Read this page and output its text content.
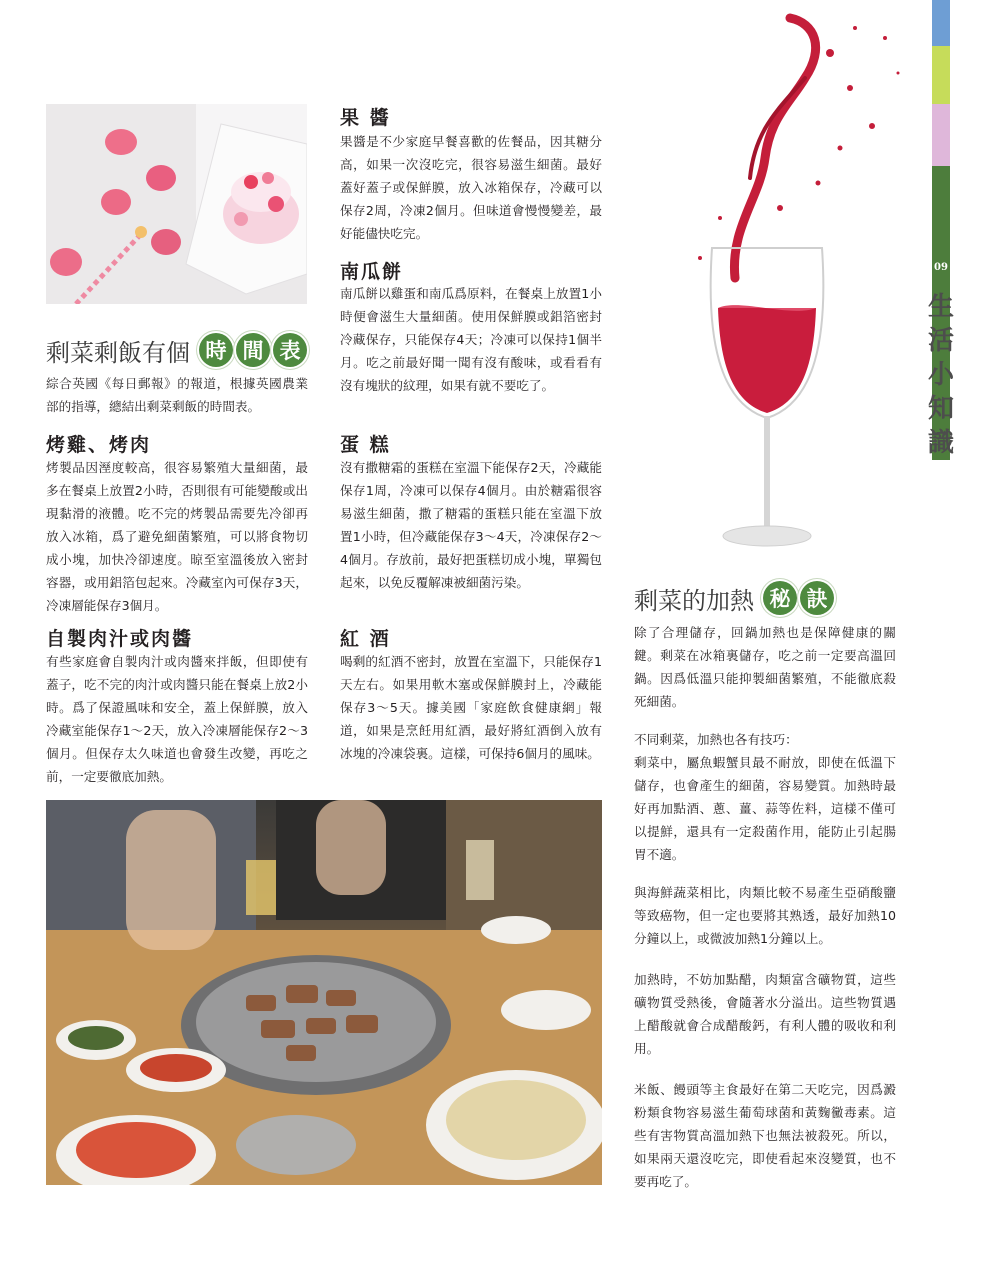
09
生
活
小
知
識
剩菜剩飯有個 時 間 表
綜合英國《每日郵報》的報道，根據英國農業部的指導，總結出剩菜剩飯的時間表。
烤雞、烤肉
烤製品因溼度較高，很容易繁殖大量細菌，最多在餐桌上放置2小時，否則很有可能變酸或出現黏滑的液體。吃不完的烤製品需要先冷卻再放入冰箱，爲了避免細菌繁殖，可以將食物切成小塊，加快冷卻速度。晾至室溫後放入密封容器，或用鋁箔包起來。冷藏室內可保存3天，冷凍層能保存3個月。
自製肉汁或肉醬
有些家庭會自製肉汁或肉醬來拌飯，但即使有蓋子，吃不完的肉汁或肉醬只能在餐桌上放2小時。爲了保證風味和安全，蓋上保鮮膜，放入冷藏室能保存1～2天，放入冷凍層能保存2～3個月。但保存太久味道也會發生改變，再吃之前，一定要徹底加熱。
果 醬
果醬是不少家庭早餐喜歡的佐餐品，因其糖分高，如果一次沒吃完，很容易滋生細菌。最好蓋好蓋子或保鮮膜，放入冰箱保存，冷藏可以保存2周，冷凍2個月。但味道會慢慢變差，最好能儘快吃完。
南瓜餅
南瓜餅以雞蛋和南瓜爲原料，在餐桌上放置1小時便會滋生大量細菌。使用保鮮膜或鋁箔密封冷藏保存，只能保存4天；冷凍可以保持1個半月。吃之前最好聞一聞有沒有酸味，或看看有沒有塊狀的紋理，如果有就不要吃了。
蛋 糕
沒有撒糖霜的蛋糕在室溫下能保存2天，冷藏能保存1周，冷凍可以保存4個月。由於糖霜很容易滋生細菌，撒了糖霜的蛋糕只能在室溫下放置1小時，但冷藏能保存3～4天，冷凍保存2～4個月。存放前，最好把蛋糕切成小塊，單獨包起來，以免反覆解凍被細菌污染。
紅 酒
喝剩的紅酒不密封，放置在室溫下，只能保存1天左右。如果用軟木塞或保鮮膜封上，冷藏能保存3～5天。據美國「家庭飲食健康網」報道，如果是烹飪用紅酒，最好將紅酒倒入放有冰塊的冷凍袋裏。這樣，可保持6個月的風味。
剩菜的加熱 秘 訣
除了合理儲存，回鍋加熱也是保障健康的關鍵。剩菜在冰箱裏儲存，吃之前一定要高溫回鍋。因爲低溫只能抑製細菌繁殖，不能徹底殺死細菌。
不同剩菜，加熱也各有技巧：
剩菜中，屬魚蝦蟹貝最不耐放，即使在低溫下儲存，也會產生的細菌，容易變質。加熱時最好再加點酒、蔥、薑、蒜等佐料，這樣不僅可以提鮮，還具有一定殺菌作用，能防止引起腸胃不適。
與海鮮蔬菜相比，肉類比較不易產生亞硝酸鹽等致癌物，但一定也要將其熟透，最好加熱10分鐘以上，或微波加熱1分鐘以上。
加熱時，不妨加點醋，肉類富含礦物質，這些礦物質受熱後，會隨著水分溢出。這些物質遇上醋酸就會合成醋酸鈣，有利人體的吸收和利用。
米飯、饅頭等主食最好在第二天吃完，因爲澱粉類食物容易滋生葡萄球菌和黃麴黴毒素。這些有害物質高溫加熱下也無法被殺死。所以，如果兩天還沒吃完，即使看起來沒變質，也不要再吃了。
